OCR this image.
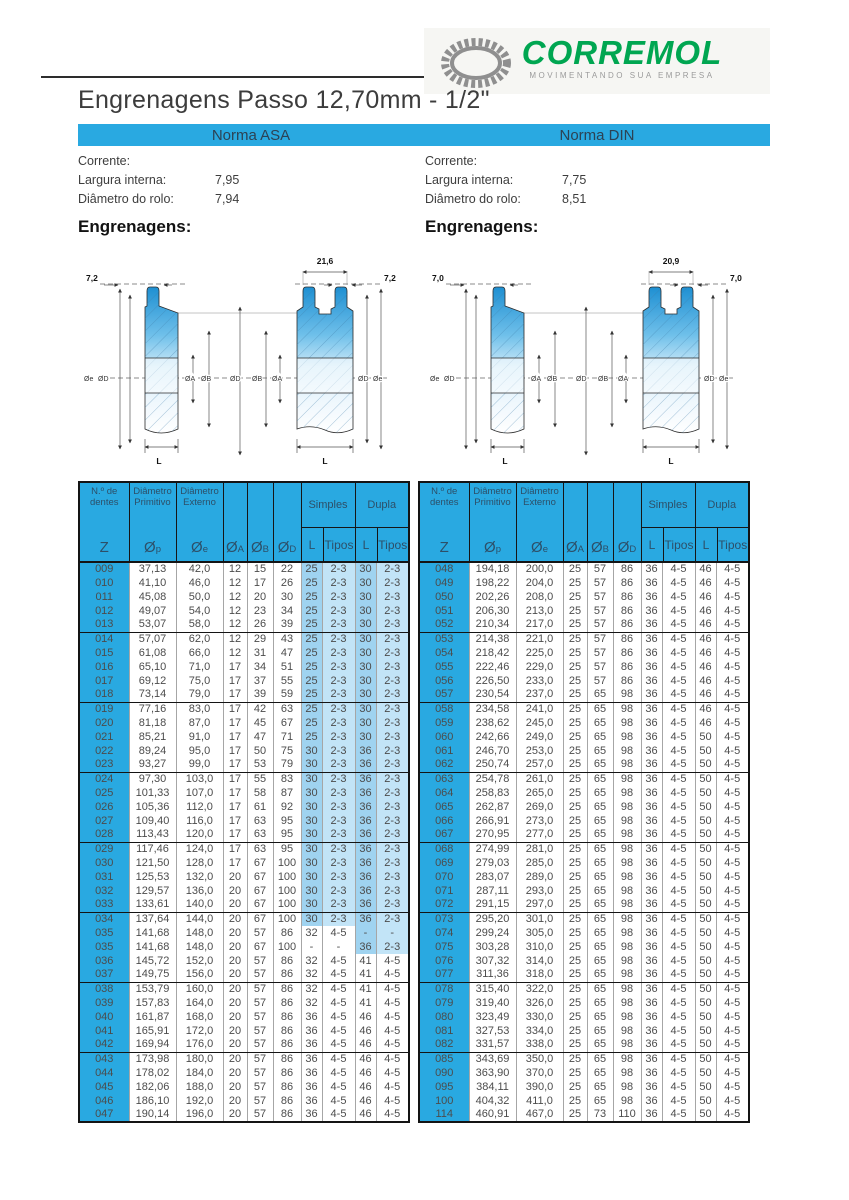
CORREMOL
MOVIMENTANDO SUA EMPRESA
Engrenagens Passo 12,70mm - 1/2"
Norma ASA	Norma DIN
Corrente:
Largura interna:	7,95
Diâmetro do rolo:	7,94
Engrenagens:
Corrente:
Largura interna:	7,75
Diâmetro do rolo:	8,51
Engrenagens:
7,2
Øe ØD	ØA ØB	ØD
L
21,6
7,2
ØB ØA	ØD Øe
L
7,0
Øe ØD	ØA ØB	ØD
L
20,9
7,0
ØB ØA	ØD Øe
L
N.º de dentes
Z

Diâmetro Primitivo
Øp

Diâmetro Externo
Øe	ØA	ØB	ØD

Simples
L Tipos

Dupla
L Tipos

009	37,13	42,0	12	15	22	25	2-3	30	2-3
010	41,10	46,0	12	17	26	25	2-3	30	2-3
011	45,08	50,0	12	20	30	25	2-3	30	2-3
012	49,07	54,0	12	23	34	25	2-3	30	2-3
013	53,07	58,0	12	26	39	25	2-3	30	2-3
014	57,07	62,0	12	29	43	25	2-3	30	2-3
015	61,08	66,0	12	31	47	25	2-3	30	2-3
016	65,10	71,0	17	34	51	25	2-3	30	2-3
017	69,12	75,0	17	37	55	25	2-3	30	2-3
018	73,14	79,0	17	39	59	25	2-3	30	2-3
019	77,16	83,0	17	42	63	25	2-3	30	2-3
020	81,18	87,0	17	45	67	25	2-3	30	2-3
021	85,21	91,0	17	47	71	25	2-3	30	2-3
022	89,24	95,0	17	50	75	30	2-3	36	2-3
023	93,27	99,0	17	53	79	30	2-3	36	2-3
024	97,30	103,0	17	55	83	30	2-3	36	2-3
025	101,33	107,0	17	58	87	30	2-3	36	2-3
026	105,36	112,0	17	61	92	30	2-3	36	2-3
027	109,40	116,0	17	63	95	30	2-3	36	2-3
028	113,43	120,0	17	63	95	30	2-3	36	2-3
029	117,46	124,0	17	63	95	30	2-3	36	2-3
030	121,50	128,0	17	67	100	30	2-3	36	2-3
031	125,53	132,0	20	67	100	30	2-3	36	2-3
032	129,57	136,0	20	67	100	30	2-3	36	2-3
033	133,61	140,0	20	67	100	30	2-3	36	2-3
034	137,64	144,0	20	67	100	30	2-3	36	2-3
035	141,68	148,0	20	57	86	32	4-5	-	-
035	141,68	148,0	20	67	100	-	-	36	2-3
036	145,72	152,0	20	57	86	32	4-5	41	4-5
037	149,75	156,0	20	57	86	32	4-5	41	4-5
038	153,79	160,0	20	57	86	32	4-5	41	4-5
039	157,83	164,0	20	57	86	32	4-5	41	4-5
040	161,87	168,0	20	57	86	36	4-5	46	4-5
041	165,91	172,0	20	57	86	36	4-5	46	4-5
042	169,94	176,0	20	57	86	36	4-5	46	4-5
043	173,98	180,0	20	57	86	36	4-5	46	4-5
044	178,02	184,0	20	57	86	36	4-5	46	4-5
045	182,06	188,0	20	57	86	36	4-5	46	4-5
046	186,10	192,0	20	57	86	36	4-5	46	4-5
047	190,14	196,0	20	57	86	36	4-5	46	4-5
N.º de dentes
Z

Diâmetro Primitivo
Øp

Diâmetro Externo
Øe	ØA	ØB	ØD

Simples
L Tipos

Dupla
L Tipos

048	194,18	200,0	25	57	86	36	4-5	46	4-5
049	198,22	204,0	25	57	86	36	4-5	46	4-5
050	202,26	208,0	25	57	86	36	4-5	46	4-5
051	206,30	213,0	25	57	86	36	4-5	46	4-5
052	210,34	217,0	25	57	86	36	4-5	46	4-5
053	214,38	221,0	25	57	86	36	4-5	46	4-5
054	218,42	225,0	25	57	86	36	4-5	46	4-5
055	222,46	229,0	25	57	86	36	4-5	46	4-5
056	226,50	233,0	25	57	86	36	4-5	46	4-5
057	230,54	237,0	25	65	98	36	4-5	46	4-5
058	234,58	241,0	25	65	98	36	4-5	46	4-5
059	238,62	245,0	25	65	98	36	4-5	46	4-5
060	242,66	249,0	25	65	98	36	4-5	50	4-5
061	246,70	253,0	25	65	98	36	4-5	50	4-5
062	250,74	257,0	25	65	98	36	4-5	50	4-5
063	254,78	261,0	25	65	98	36	4-5	50	4-5
064	258,83	265,0	25	65	98	36	4-5	50	4-5
065	262,87	269,0	25	65	98	36	4-5	50	4-5
066	266,91	273,0	25	65	98	36	4-5	50	4-5
067	270,95	277,0	25	65	98	36	4-5	50	4-5
068	274,99	281,0	25	65	98	36	4-5	50	4-5
069	279,03	285,0	25	65	98	36	4-5	50	4-5
070	283,07	289,0	25	65	98	36	4-5	50	4-5
071	287,11	293,0	25	65	98	36	4-5	50	4-5
072	291,15	297,0	25	65	98	36	4-5	50	4-5
073	295,20	301,0	25	65	98	36	4-5	50	4-5
074	299,24	305,0	25	65	98	36	4-5	50	4-5
075	303,28	310,0	25	65	98	36	4-5	50	4-5
076	307,32	314,0	25	65	98	36	4-5	50	4-5
077	311,36	318,0	25	65	98	36	4-5	50	4-5
078	315,40	322,0	25	65	98	36	4-5	50	4-5
079	319,40	326,0	25	65	98	36	4-5	50	4-5
080	323,49	330,0	25	65	98	36	4-5	50	4-5
081	327,53	334,0	25	65	98	36	4-5	50	4-5
082	331,57	338,0	25	65	98	36	4-5	50	4-5
085	343,69	350,0	25	65	98	36	4-5	50	4-5
090	363,90	370,0	25	65	98	36	4-5	50	4-5
095	384,11	390,0	25	65	98	36	4-5	50	4-5
100	404,32	411,0	25	65	98	36	4-5	50	4-5
114	460,91	467,0	25	73	110	36	4-5	50	4-5
